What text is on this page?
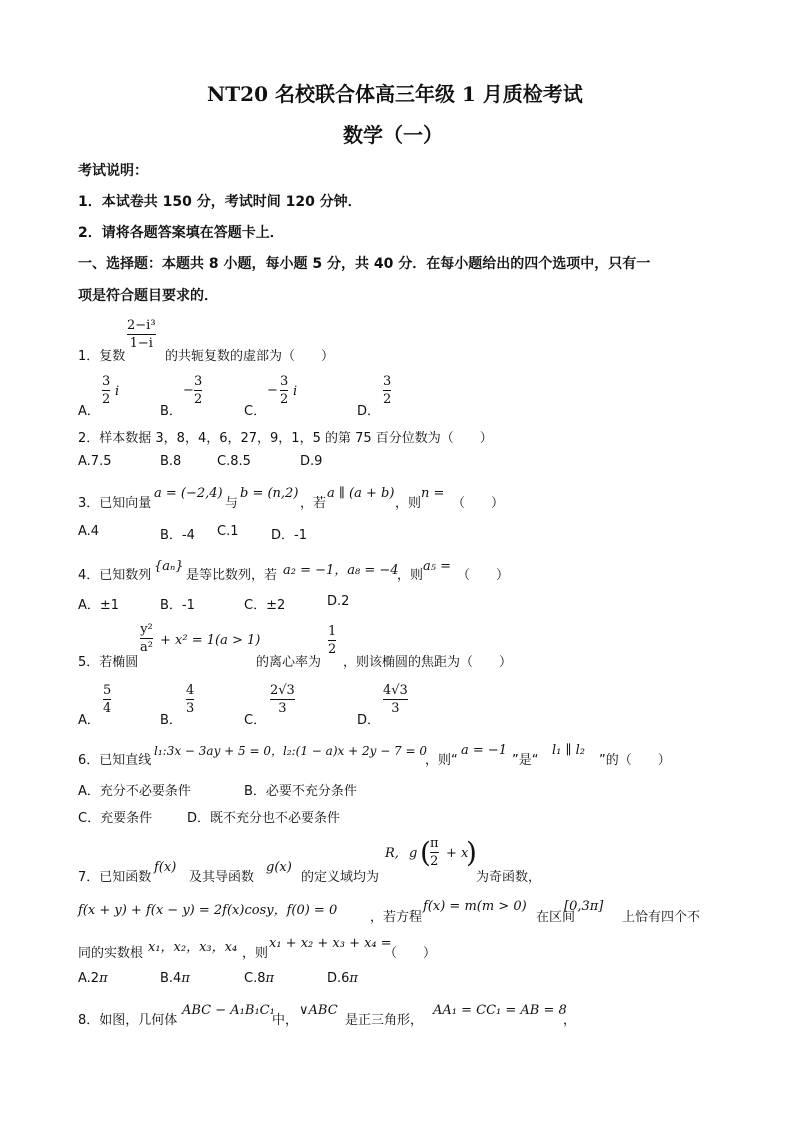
NT20 名校联合体高三年级 1 月质检考试
数学（一）
考试说明：
1．本试卷共 150 分，考试时间 120 分钟．
2．请将各题答案填在答题卡上．
一、选择题：本题共 8 小题，每小题 5 分，共 40 分．在每小题给出的四个选项中，只有一
项是符合题目要求的．
1．复数
2−i³
1−i
的共轭复数的虚部为（　　）
A．
3
2
i
B．
−
3
2
C．
−
3
2
i
D．
3
2
2．样本数据 3，8，4，6，27，9，1，5 的第 75 百分位数为（　　）
A.7.5	B.8	C.8.5	D.9
3．已知向量
a = (−2,4)
与
b = (n,2)
，若
a ∥ (a + b)
，则
n =
（　　）
A.4	B．-4 C.1	D．-1
4．已知数列
{aₙ}
是等比数列，若 a₂ = −1，a₈ = −4
，则
a₅ =
（　　）
A．±1	B．-1	C．±2	D.2
5．若椭圆
y²
a² + x² = 1(a > 1)
的离心率为
1
2
，则该椭圆的焦距为（　　）
A．
5
4
B．
4
3
C．
2√3
3
D．
4√3
3
6．已知直线
l₁:3x − 3ay + 5 = 0，l₂:(1 − a)x + 2y − 7 = 0
，则“
a = −1
”是“
l₁ ∥ l₂
”的（　　）
A．充分不必要条件	B．必要不充分条件
C．充要条件	D．既不充分也不必要条件
7．已知函数
f(x)
及其导函数
g(x)
的定义域均为
R, g ( π
2
+ x
)
为奇函数，
f(x + y) + f(x − y) = 2f(x)cosy，f(0) = 0	，若方程
f(x) = m(m > 0)
在区间
[0,3π]
上恰有四个不
同的实数根 x₁，x₂，x₃，x₄ ，则
x₁ + x₂ + x₃ + x₄ =
（　　）
A.2π	B.4π	C.8π	D.6π
8．如图，几何体
ABC − A₁B₁C₁
中，
∨ABC
是正三角形，
AA₁ = CC₁ = AB = 8
，
